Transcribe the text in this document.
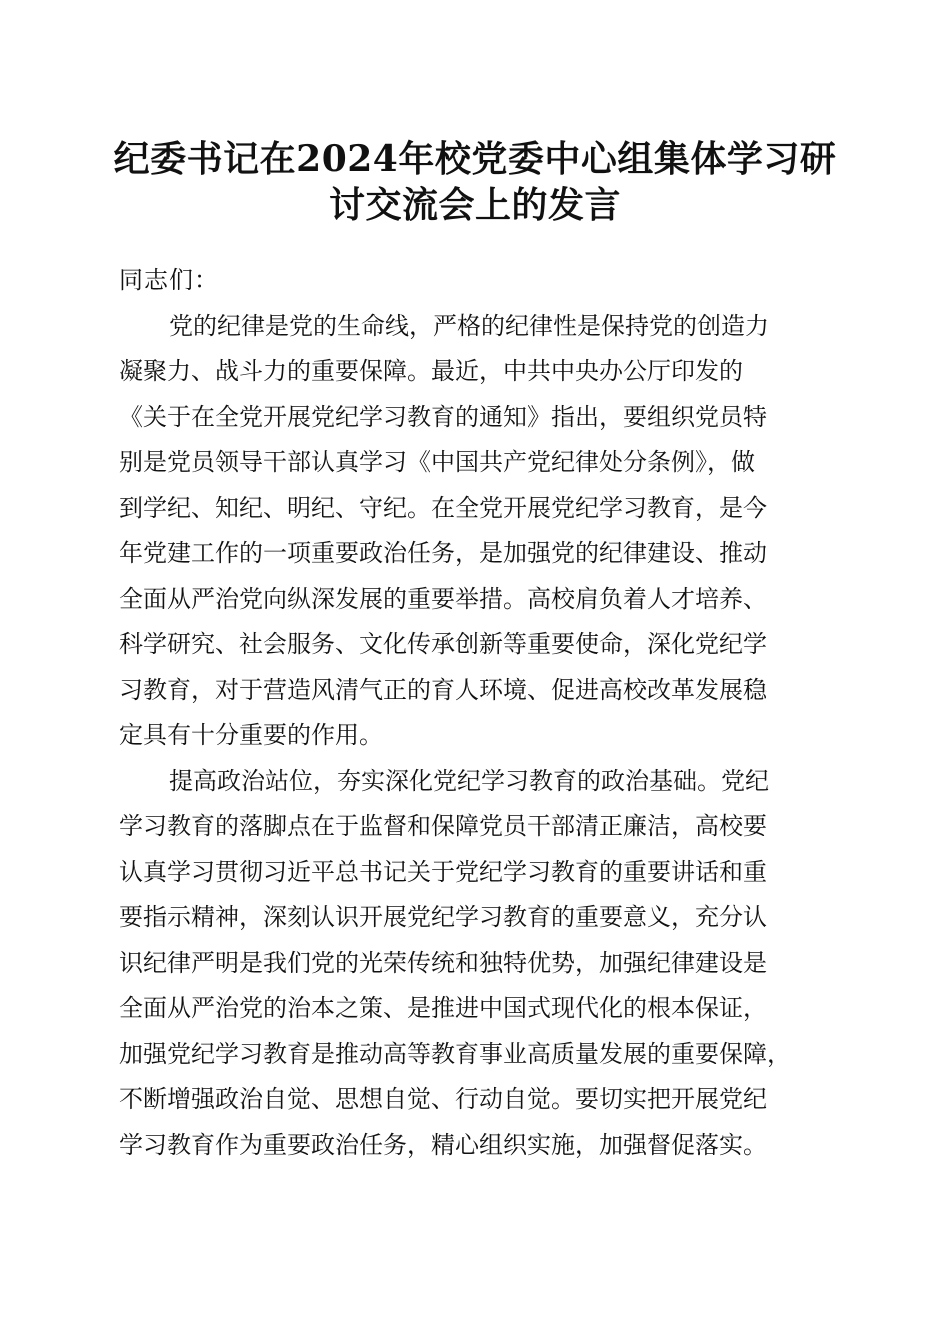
纪委书记在2024年校党委中心组集体学习研
讨交流会上的发言
同志们：
党的纪律是党的生命线，严格的纪律性是保持党的创造力
凝聚力、战斗力的重要保障。最近，中共中央办公厅印发的
《关于在全党开展党纪学习教育的通知》指出，要组织党员特
别是党员领导干部认真学习《中国共产党纪律处分条例》，做
到学纪、知纪、明纪、守纪。在全党开展党纪学习教育，是今
年党建工作的一项重要政治任务，是加强党的纪律建设、推动
全面从严治党向纵深发展的重要举措。高校肩负着人才培养、
科学研究、社会服务、文化传承创新等重要使命，深化党纪学
习教育，对于营造风清气正的育人环境、促进高校改革发展稳
定具有十分重要的作用。
提高政治站位，夯实深化党纪学习教育的政治基础。党纪
学习教育的落脚点在于监督和保障党员干部清正廉洁，高校要
认真学习贯彻习近平总书记关于党纪学习教育的重要讲话和重
要指示精神，深刻认识开展党纪学习教育的重要意义，充分认
识纪律严明是我们党的光荣传统和独特优势，加强纪律建设是
全面从严治党的治本之策、是推进中国式现代化的根本保证，
加强党纪学习教育是推动高等教育事业高质量发展的重要保障，
不断增强政治自觉、思想自觉、行动自觉。要切实把开展党纪
学习教育作为重要政治任务，精心组织实施，加强督促落实。
